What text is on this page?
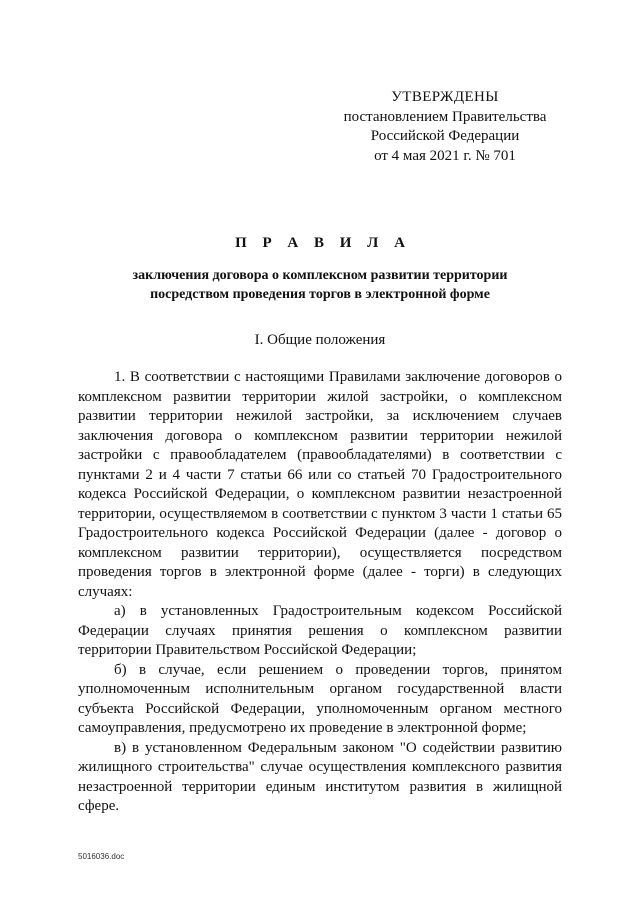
УТВЕРЖДЕНЫ
постановлением Правительства
Российской Федерации
от 4 мая 2021 г. № 701
П Р А В И Л А
заключения договора о комплексном развитии территории
посредством проведения торгов в электронной форме
I. Общие положения

1. В соответствии с настоящими Правилами заключение договоров о комплексном развитии территории жилой застройки, о комплексном развитии территории нежилой застройки, за исключением случаев заключения договора о комплексном развитии территории нежилой застройки с правообладателем (правообладателями) в соответствии с пунктами 2 и 4 части 7 статьи 66 или со статьей 70 Градостроительного кодекса Российской Федерации, о комплексном развитии незастроенной территории, осуществляемом в соответствии с пунктом 3 части 1 статьи 65 Градостроительного кодекса Российской Федерации (далее - договор о комплексном развитии территории), осуществляется посредством проведения торгов в электронной форме (далее - торги) в следующих случаях:

а) в установленных Градостроительным кодексом Российской Федерации случаях принятия решения о комплексном развитии территории Правительством Российской Федерации;

б) в случае, если решением о проведении торгов, принятом уполномоченным исполнительным органом государственной власти субъекта Российской Федерации, уполномоченным органом местного самоуправления, предусмотрено их проведение в электронной форме;

в) в установленном Федеральным законом "О содействии развитию жилищного строительства" случае осуществления комплексного развития незастроенной территории единым институтом развития в жилищной сфере.

5016036.doc
